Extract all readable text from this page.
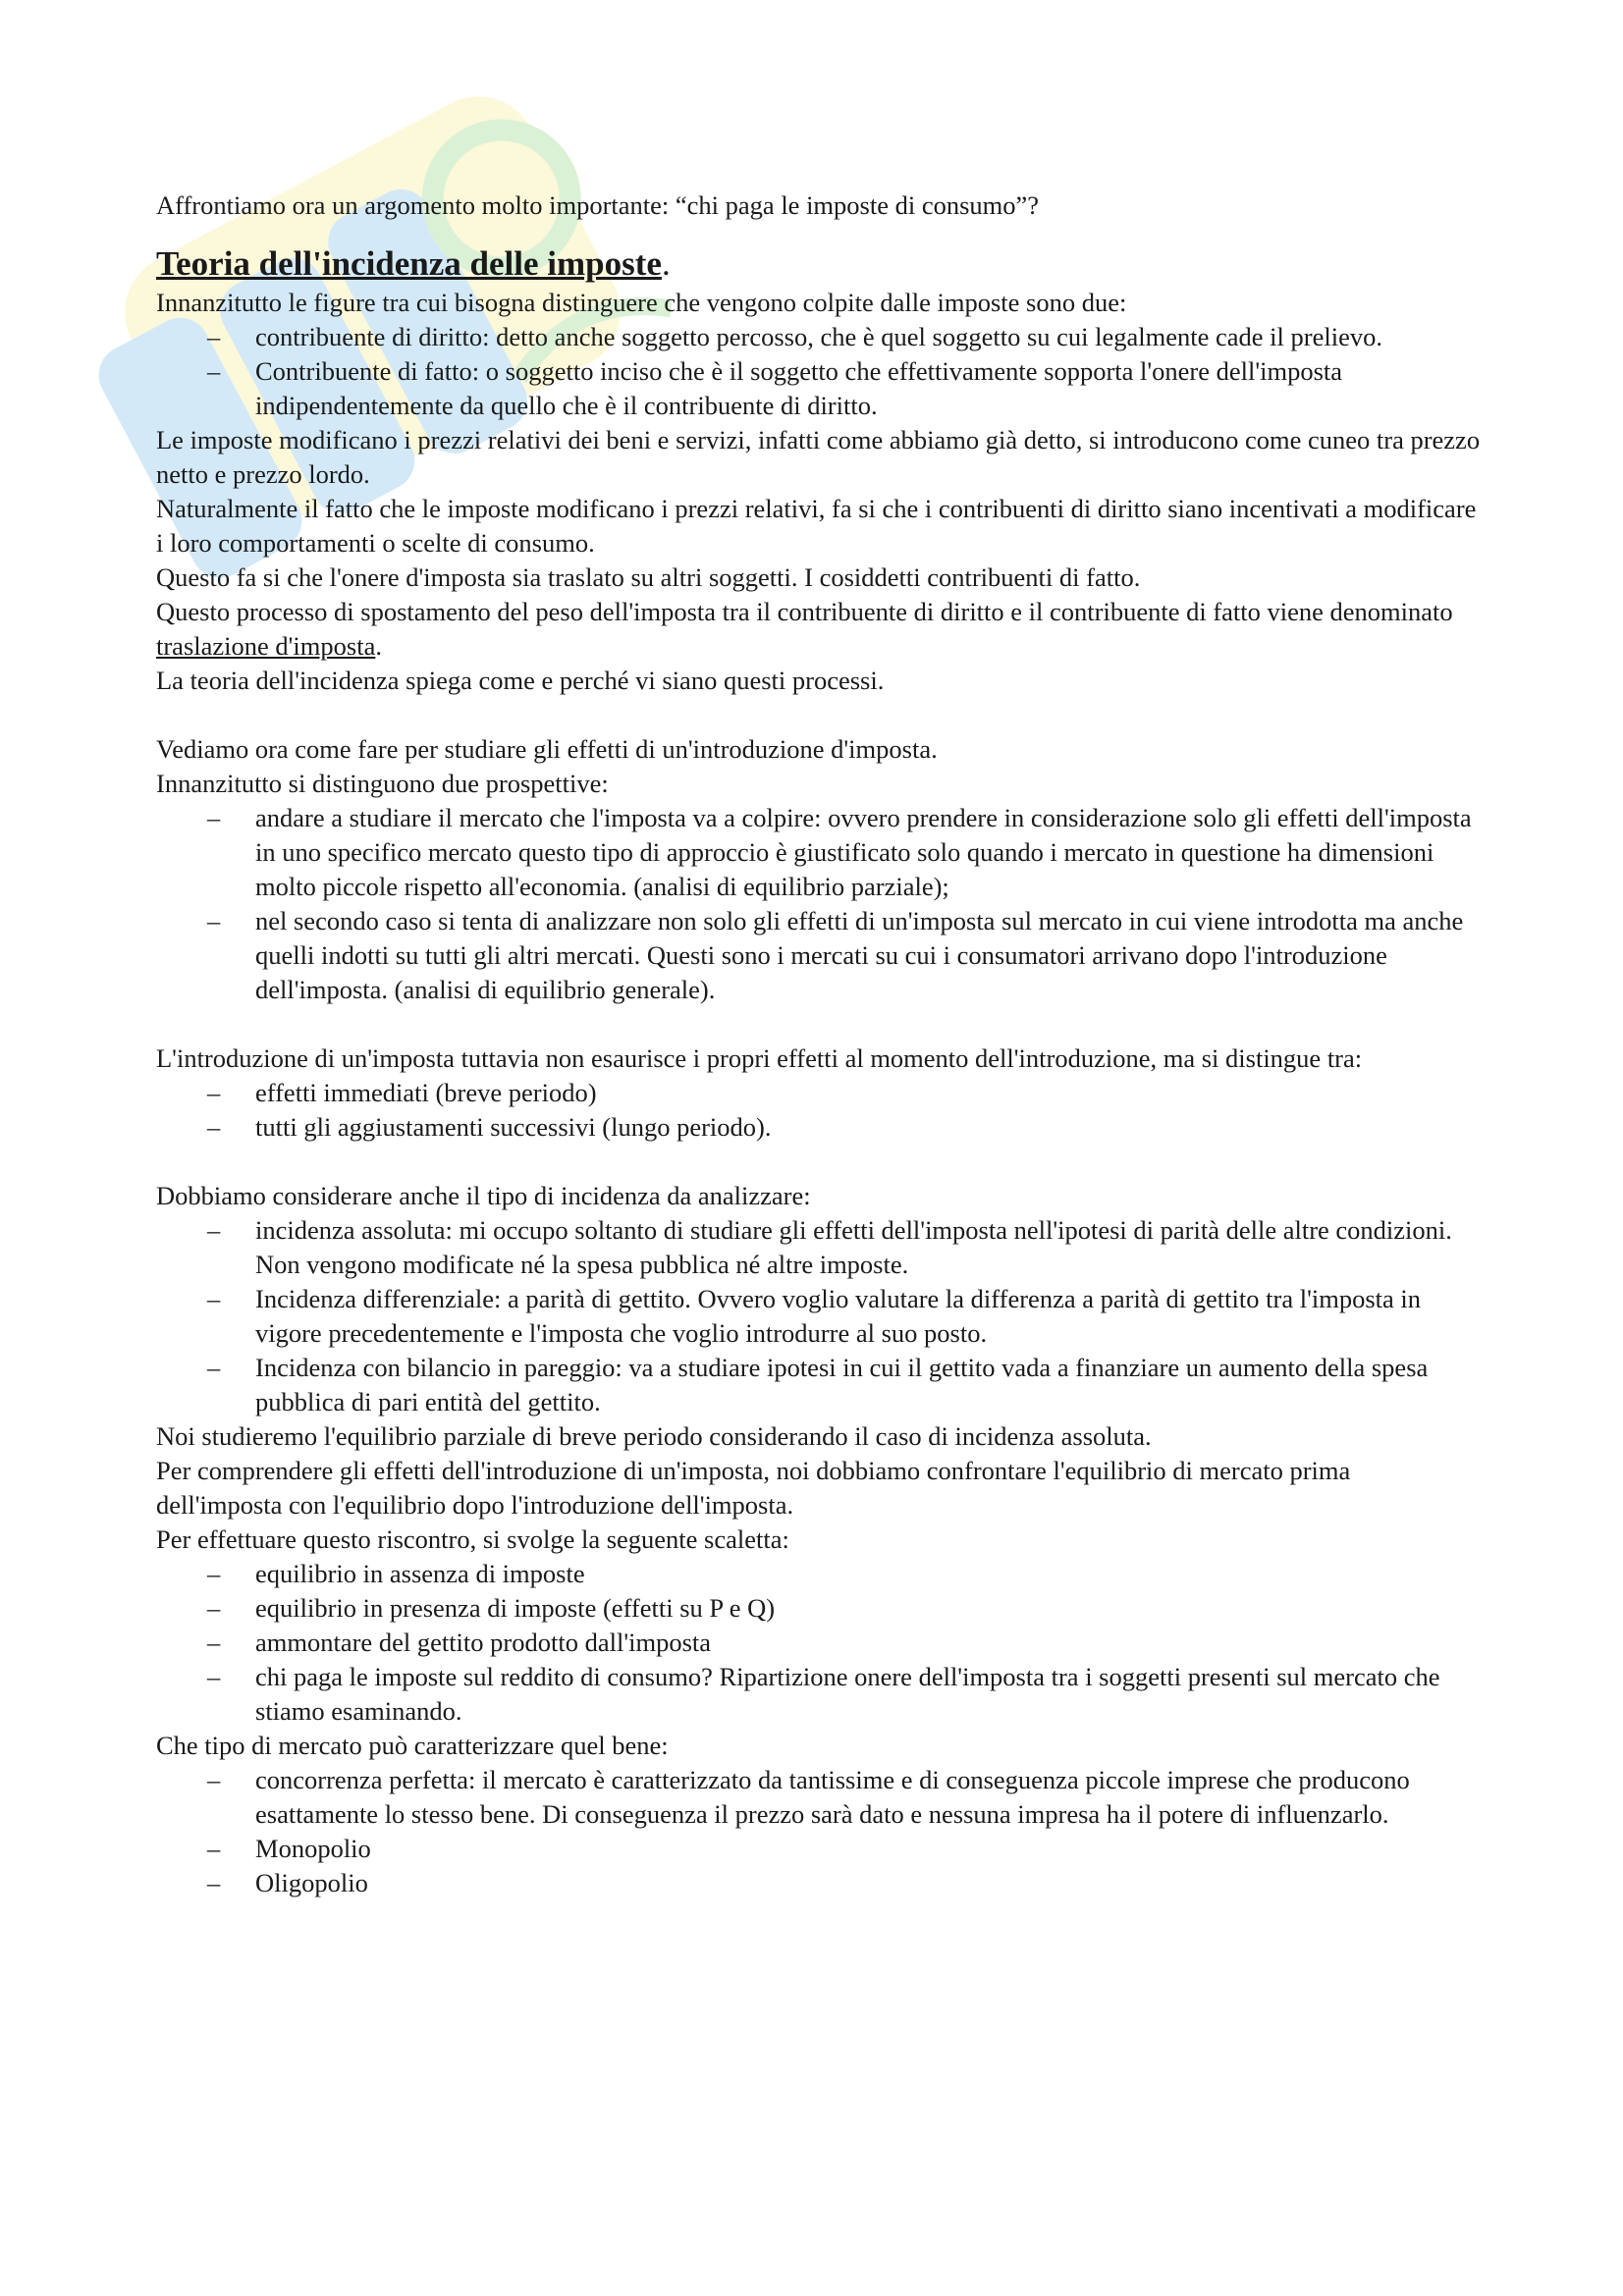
Affrontiamo ora un argomento molto importante: “chi paga le imposte di consumo”?

Teoria dell'incidenza delle imposte.

Innanzitutto le figure tra cui bisogna distinguere che vengono colpite dalle imposte sono due:

– contribuente di diritto: detto anche soggetto percosso, che è quel soggetto su cui legalmente cade il prelievo.
– Contribuente di fatto: o soggetto inciso che è il soggetto che effettivamente sopporta l'onere dell'imposta indipendentemente da quello che è il contribuente di diritto.

Le imposte modificano i prezzi relativi dei beni e servizi, infatti come abbiamo già detto, si introducono come cuneo tra prezzo netto e prezzo lordo.

Naturalmente il fatto che le imposte modificano i prezzi relativi, fa si che i contribuenti di diritto siano incentivati a modificare i loro comportamenti o scelte di consumo.

Questo fa si che l'onere d'imposta sia traslato su altri soggetti. I cosiddetti contribuenti di fatto.

Questo processo di spostamento del peso dell'imposta tra il contribuente di diritto e il contribuente di fatto viene denominato traslazione d'imposta.

La teoria dell'incidenza spiega come e perché vi siano questi processi.

Vediamo ora come fare per studiare gli effetti di un'introduzione d'imposta.

Innanzitutto si distinguono due prospettive:

– andare a studiare il mercato che l'imposta va a colpire: ovvero prendere in considerazione solo gli effetti dell'imposta in uno specifico mercato questo tipo di approccio è giustificato solo quando i mercato in questione ha dimensioni molto piccole rispetto all'economia. (analisi di equilibrio parziale);
– nel secondo caso si tenta di analizzare non solo gli effetti di un'imposta sul mercato in cui viene introdotta ma anche quelli indotti su tutti gli altri mercati. Questi sono i mercati su cui i consumatori arrivano dopo l'introduzione dell'imposta. (analisi di equilibrio generale).

L'introduzione di un'imposta tuttavia non esaurisce i propri effetti al momento dell'introduzione, ma si distingue tra:

– effetti immediati (breve periodo)
– tutti gli aggiustamenti successivi (lungo periodo).

Dobbiamo considerare anche il tipo di incidenza da analizzare:

– incidenza assoluta: mi occupo soltanto di studiare gli effetti dell'imposta nell'ipotesi di parità delle altre condizioni. Non vengono modificate né la spesa pubblica né altre imposte.
– Incidenza differenziale: a parità di gettito. Ovvero voglio valutare la differenza a parità di gettito tra l'imposta in vigore precedentemente e l'imposta che voglio introdurre al suo posto.
– Incidenza con bilancio in pareggio: va a studiare ipotesi in cui il gettito vada a finanziare un aumento della spesa pubblica di pari entità del gettito.

Noi studieremo l'equilibrio parziale di breve periodo considerando il caso di incidenza assoluta.

Per comprendere gli effetti dell'introduzione di un'imposta, noi dobbiamo confrontare l'equilibrio di mercato prima dell'imposta con l'equilibrio dopo l'introduzione dell'imposta.

Per effettuare questo riscontro, si svolge la seguente scaletta:

– equilibrio in assenza di imposte
– equilibrio in presenza di imposte (effetti su P e Q)
– ammontare del gettito prodotto dall'imposta
– chi paga le imposte sul reddito di consumo? Ripartizione onere dell'imposta tra i soggetti presenti sul mercato che stiamo esaminando.

Che tipo di mercato può caratterizzare quel bene:

– concorrenza perfetta: il mercato è caratterizzato da tantissime e di conseguenza piccole imprese che producono esattamente lo stesso bene. Di conseguenza il prezzo sarà dato e nessuna impresa ha il potere di influenzarlo.
– Monopolio
– Oligopolio
